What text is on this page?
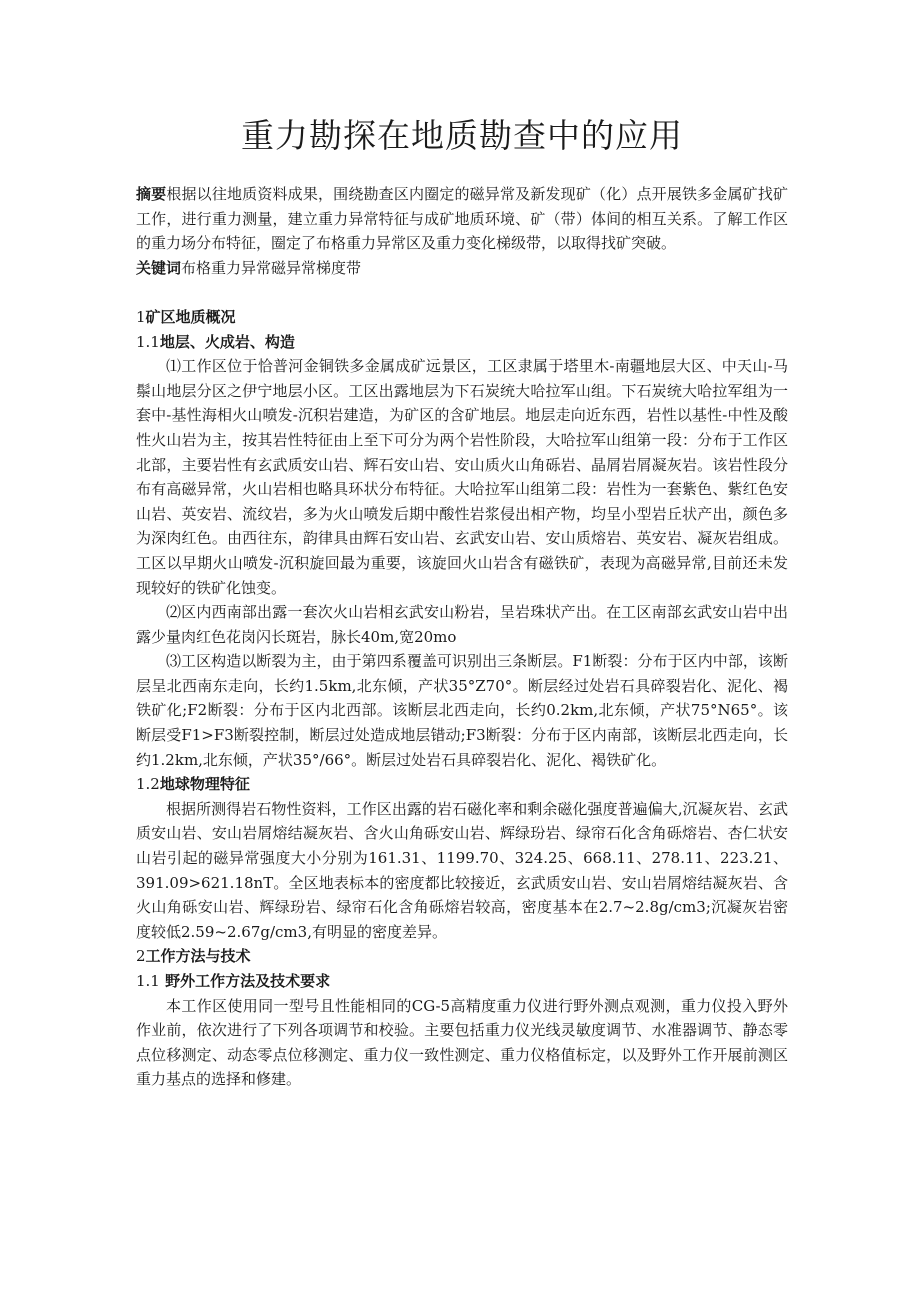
重力勘探在地质勘查中的应用

摘要根据以往地质资料成果，围绕勘查区内圈定的磁异常及新发现矿（化）点开展铁多金属矿找矿工作，进行重力测量，建立重力异常特征与成矿地质环境、矿（带）体间的相互关系。了解工作区的重力场分布特征，圈定了布格重力异常区及重力变化梯级带，以取得找矿突破。

关键词布格重力异常磁异常梯度带

1矿区地质概况

1.1地层、火成岩、构造

⑴工作区位于恰普河金铜铁多金属成矿远景区，工区隶属于塔里木-南疆地层大区、中天山-马鬃山地层分区之伊宁地层小区。工区出露地层为下石炭统大哈拉军山组。下石炭统大哈拉军组为一套中-基性海相火山喷发-沉积岩建造，为矿区的含矿地层。地层走向近东西，岩性以基性-中性及酸性火山岩为主，按其岩性特征由上至下可分为两个岩性阶段，大哈拉军山组第一段：分布于工作区北部，主要岩性有玄武质安山岩、辉石安山岩、安山质火山角砾岩、晶屑岩屑凝灰岩。该岩性段分布有高磁异常，火山岩相也略具环状分布特征。大哈拉军山组第二段：岩性为一套紫色、紫红色安山岩、英安岩、流纹岩，多为火山喷发后期中酸性岩浆侵出相产物，均呈小型岩丘状产出，颜色多为深肉红色。由西往东，韵律具由辉石安山岩、玄武安山岩、安山质熔岩、英安岩、凝灰岩组成。工区以早期火山喷发-沉积旋回最为重要，该旋回火山岩含有磁铁矿，表现为高磁异常,目前还未发现较好的铁矿化蚀变。

⑵区内西南部出露一套次火山岩相玄武安山粉岩，呈岩珠状产出。在工区南部玄武安山岩中出露少量肉红色花岗闪长斑岩，脉长40m,宽20mo

⑶工区构造以断裂为主，由于第四系覆盖可识别出三条断层。F1断裂：分布于区内中部，该断层呈北西南东走向，长约1.5km,北东倾，产状35°Z70°。断层经过处岩石具碎裂岩化、泥化、褐铁矿化;F2断裂：分布于区内北西部。该断层北西走向，长约0.2km,北东倾，产状75°N65°。该断层受F1>F3断裂控制，断层过处造成地层错动;F3断裂：分布于区内南部，该断层北西走向，长约1.2km,北东倾，产状35°/66°。断层过处岩石具碎裂岩化、泥化、褐铁矿化。

1.2地球物理特征

根据所测得岩石物性资料，工作区出露的岩石磁化率和剩余磁化强度普遍偏大,沉凝灰岩、玄武质安山岩、安山岩屑熔结凝灰岩、含火山角砾安山岩、辉绿玢岩、绿帘石化含角砾熔岩、杏仁状安山岩引起的磁异常强度大小分别为161.31、1199.70、324.25、668.11、278.11、223.21、391.09>621.18nT。全区地表标本的密度都比较接近，玄武质安山岩、安山岩屑熔结凝灰岩、含火山角砾安山岩、辉绿玢岩、绿帘石化含角砾熔岩较高，密度基本在2.7~2.8g/cm3;沉凝灰岩密度较低2.59~2.67g/cm3,有明显的密度差异。

2工作方法与技术

1.1 野外工作方法及技术要求

本工作区使用同一型号且性能相同的CG-5高精度重力仪进行野外测点观测，重力仪投入野外作业前，依次进行了下列各项调节和校验。主要包括重力仪光线灵敏度调节、水准器调节、静态零点位移测定、动态零点位移测定、重力仪一致性测定、重力仪格值标定，以及野外工作开展前测区重力基点的选择和修建。
